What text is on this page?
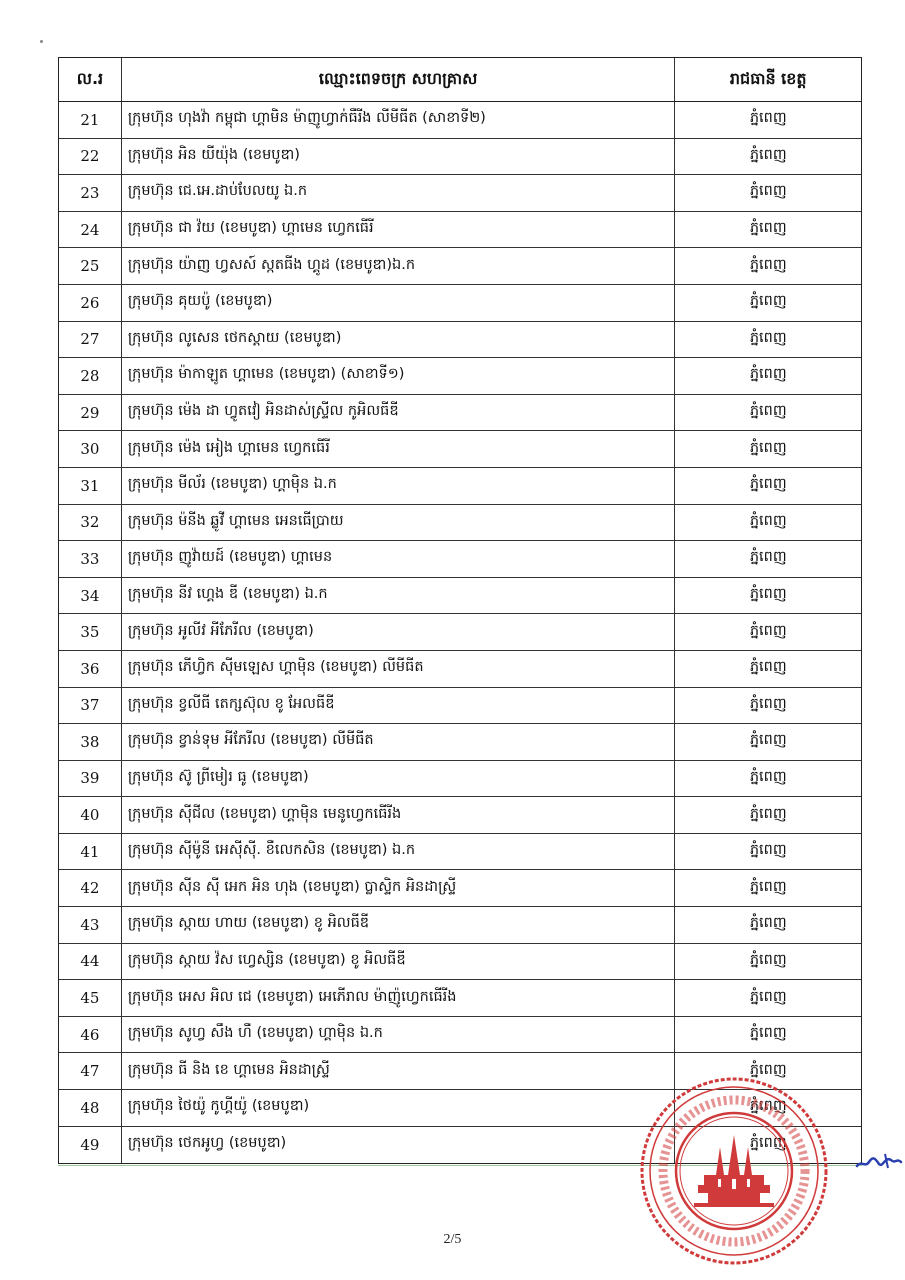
ល.រ	ឈ្មោះពេទចក្រ សហគ្រាស	រាជធានី ខេត្ត
21	ក្រុមហ៊ុន ហុងវ៉ា កម្ពុជា ហ្គាមិន ម៉ាញូហ្វាក់ធឺរីង លីមីធីត (សាខាទី២)	ភ្នំពេញ
22	ក្រុមហ៊ុន អិន យីយ៉ុង (ខេមបូឌា)	ភ្នំពេញ
23	ក្រុមហ៊ុន ជេ.អេ.ដាប់បែលយូ ឯ.ក	ភ្នំពេញ
24	ក្រុមហ៊ុន ជា វ៉យ (ខេមបូឌា) ហ្គាមេន ហ្វេកធើរី	ភ្នំពេញ
25	ក្រុមហ៊ុន យ៉ាញ ហ្វសស៍ ស្កតធីង ហ្គូដ (ខេមបូឌា)ឯ.ក	ភ្នំពេញ
26	ក្រុមហ៊ុន គុយប៉ូ (ខេមបូឌា)	ភ្នំពេញ
27	ក្រុមហ៊ុន លូសេន ថេកស្ដាយ (ខេមបូឌា)	ភ្នំពេញ
28	ក្រុមហ៊ុន ម៉ាកាឡូត ហ្គាមេន (ខេមបូឌា) (សាខាទី១)	ភ្នំពេញ
29	ក្រុមហ៊ុន ម៉េង ដា ហ្វូតវៀ អិនដាស់ស្ទ្រីល កូអិលធីឌី	ភ្នំពេញ
30	ក្រុមហ៊ុន ម៉េង អៀង ហ្គាមេន ហ្វេកធើរី	ភ្នំពេញ
31	ក្រុមហ៊ុន មីល័រ (ខេមបូឌា) ហ្គាម៉ិន ឯ.ក	ភ្នំពេញ
32	ក្រុមហ៊ុន ម៉នីង ឆ្លូវី ហ្គាមេន អេនធើប្រាយ	ភ្នំពេញ
33	ក្រុមហ៊ុន ញូវ៉ាយដ៍ (ខេមបូឌា) ហ្គាមេន	ភ្នំពេញ
34	ក្រុមហ៊ុន នីវ ហ្គេង ឌី (ខេមបូឌា) ឯ.ក	ភ្នំពេញ
35	ក្រុមហ៊ុន អូលីវ អីភែរីល (ខេមបូឌា)	ភ្នំពេញ
36	ក្រុមហ៊ុន ភើហ្វិក ស៊ីមឡេស ហ្គាម៉ិន (ខេមបូឌា) លីមីធីត	ភ្នំពេញ
37	ក្រុមហ៊ុន ខ្វលីធី តេក្សស៊ុល ខូ អែលធីឌី	ភ្នំពេញ
38	ក្រុមហ៊ុន ខ្វាន់ទុម អីភែរីល (ខេមបូឌា) លីមីធីត	ភ្នំពេញ
39	ក្រុមហ៊ុន ស៊ូ ព្រីមៀរ ធូ (ខេមបូឌា)	ភ្នំពេញ
40	ក្រុមហ៊ុន ស៊ីជីល (ខេមបូឌា) ហ្គាម៉ិន មេនូហ្វេកធើរីង	ភ្នំពេញ
41	ក្រុមហ៊ុន ស៊ីម៉ូនី អេស៊ីស៊ី. ខឺលេកសិន (ខេមបូឌា) ឯ.ក	ភ្នំពេញ
42	ក្រុមហ៊ុន ស៊ីន ស៊ី អេក អិន ហុង (ខេមបូឌា) ប្លាស្ទិក អិនដាស្ទ្រី	ភ្នំពេញ
43	ក្រុមហ៊ុន ស្កាយ ហាយ (ខេមបូឌា) ខូ អិលធីឌី	ភ្នំពេញ
44	ក្រុមហ៊ុន ស្កាយ វ៉ស ហ្វេស្សិន (ខេមបូឌា) ខូ អិលធីឌី	ភ្នំពេញ
45	ក្រុមហ៊ុន អេស អិល ជេ (ខេមបូឌា) អេភើរាល ម៉ាញ៉ូហ្វេកធើរីង	ភ្នំពេញ
46	ក្រុមហ៊ុន សូហ្វ សឹង ហឺ (ខេមបូឌា) ហ្គាម៉ិន ឯ.ក	ភ្នំពេញ
47	ក្រុមហ៊ុន ធី និង ខេ ហ្គាមេន អិនដាស្ទ្រី	ភ្នំពេញ
48	ក្រុមហ៊ុន ថៃយ៉ូ កូហ្គីយ៉ូ (ខេមបូឌា)	ភ្នំពេញ
49	ក្រុមហ៊ុន ថេកអូហ្វ (ខេមបូឌា)	ភ្នំពេញ
2/5
